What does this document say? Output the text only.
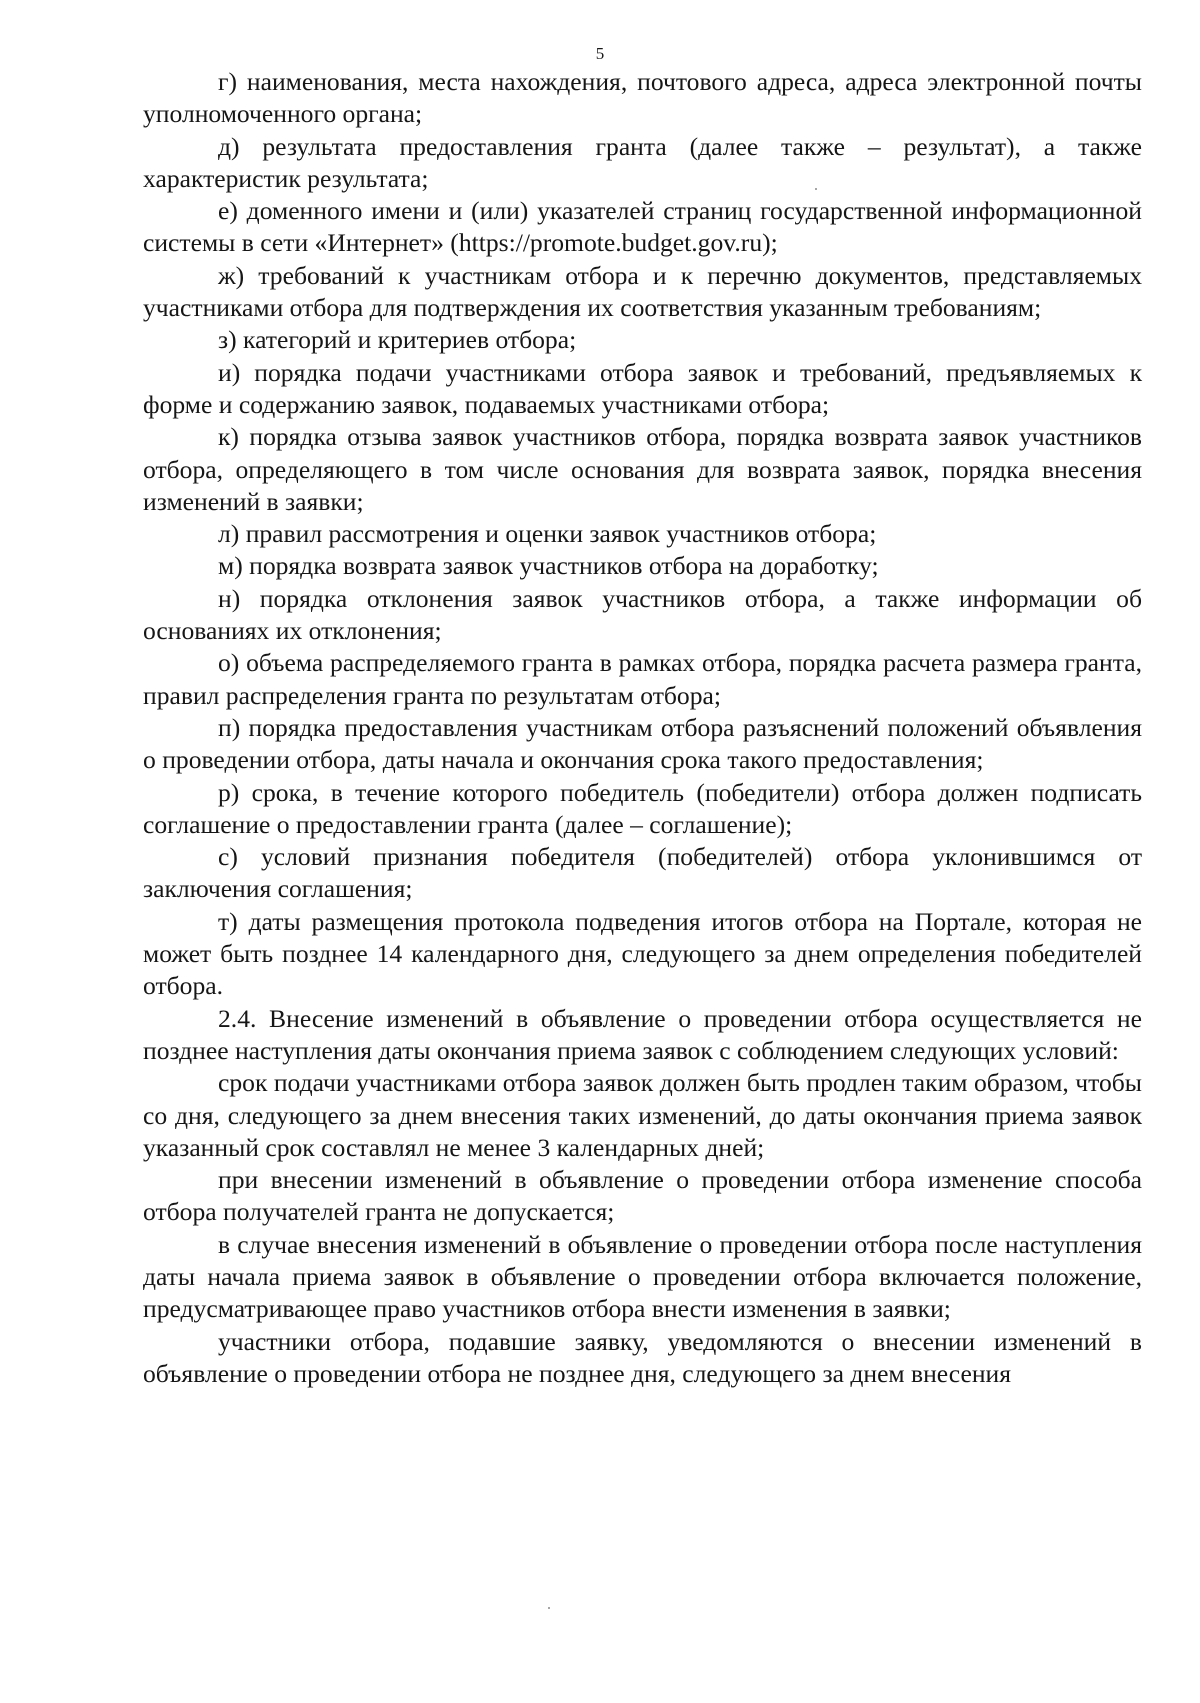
5

г) наименования, места нахождения, почтового адреса, адреса электронной почты уполномоченного органа;

д) результата предоставления гранта (далее также – результат), а также характеристик результата;

е) доменного имени и (или) указателей страниц государственной информационной системы в сети «Интернет» (https://promote.budget.gov.ru);

ж) требований к участникам отбора и к перечню документов, представляемых участниками отбора для подтверждения их соответствия указанным требованиям;

з) категорий и критериев отбора;

и) порядка подачи участниками отбора заявок и требований, предъявляемых к форме и содержанию заявок, подаваемых участниками отбора;

к) порядка отзыва заявок участников отбора, порядка возврата заявок участников отбора, определяющего в том числе основания для возврата заявок, порядка внесения изменений в заявки;

л) правил рассмотрения и оценки заявок участников отбора;

м) порядка возврата заявок участников отбора на доработку;

н) порядка отклонения заявок участников отбора, а также информации об основаниях их отклонения;

о) объема распределяемого гранта в рамках отбора, порядка расчета размера гранта, правил распределения гранта по результатам отбора;

п) порядка предоставления участникам отбора разъяснений положений объявления о проведении отбора, даты начала и окончания срока такого предоставления;

р) срока, в течение которого победитель (победители) отбора должен подписать соглашение о предоставлении гранта (далее – соглашение);

с) условий признания победителя (победителей) отбора уклонившимся от заключения соглашения;

т) даты размещения протокола подведения итогов отбора на Портале, которая не может быть позднее 14 календарного дня, следующего за днем определения победителей отбора.

2.4. Внесение изменений в объявление о проведении отбора осуществляется не позднее наступления даты окончания приема заявок с соблюдением следующих условий:

срок подачи участниками отбора заявок должен быть продлен таким образом, чтобы со дня, следующего за днем внесения таких изменений, до даты окончания приема заявок указанный срок составлял не менее 3 календарных дней;

при внесении изменений в объявление о проведении отбора изменение способа отбора получателей гранта не допускается;

в случае внесения изменений в объявление о проведении отбора после наступления даты начала приема заявок в объявление о проведении отбора включается положение, предусматривающее право участников отбора внести изменения в заявки;

участники отбора, подавшие заявку, уведомляются о внесении изменений в объявление о проведении отбора не позднее дня, следующего за днем внесения
